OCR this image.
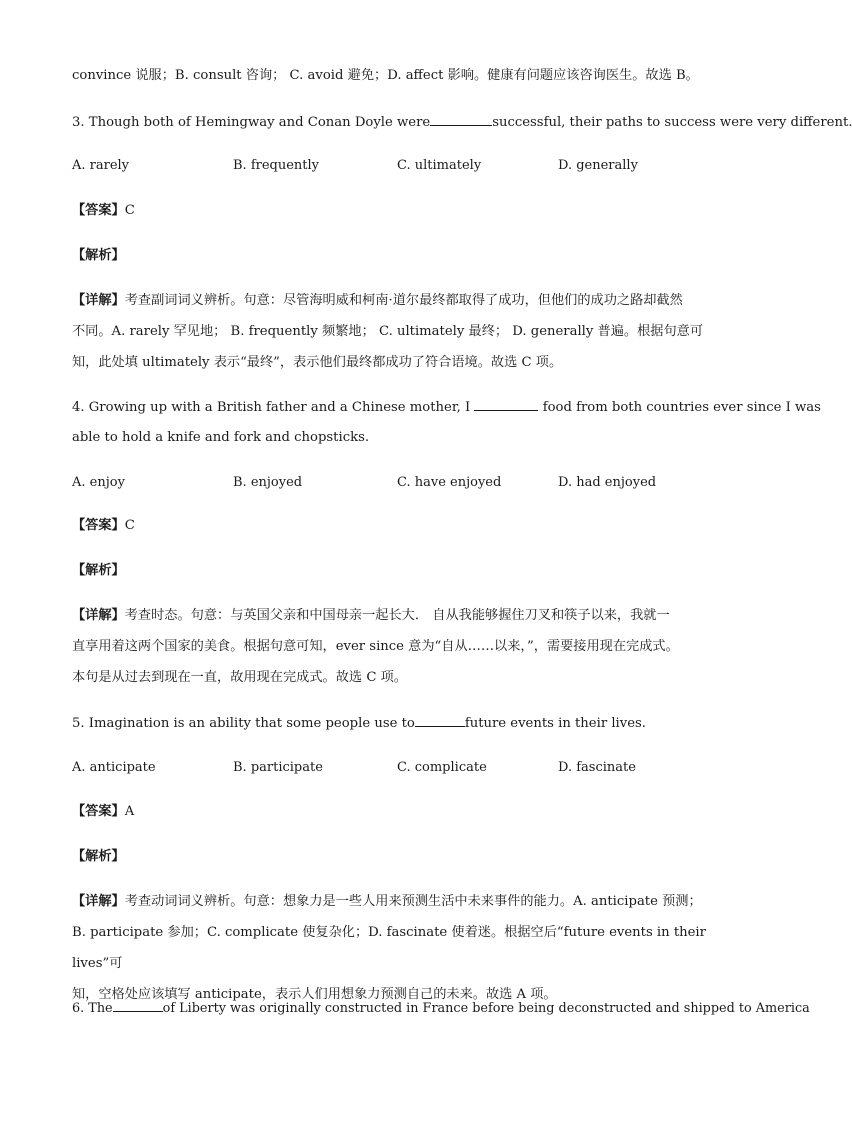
convince 说服；B. consult 咨询； C. avoid 避免；D. affect 影响。健康有问题应该咨询医生。故选 B。
3. Though both of Hemingway and Conan Doyle were	successful, their paths to success were very different.
A. rarely	B. frequently	C. ultimately	D. generally
【答案】C
【解析】
【详解】考查副词词义辨析。句意：尽管海明威和柯南·道尔最终都取得了成功，但他们的成功之路却截然
不同。A. rarely 罕见地； B. frequently 频繁地； C. ultimately 最终； D. generally 普遍。根据句意可
知，此处填 ultimately 表示“最终”，表示他们最终都成功了符合语境。故选 C 项。
4. Growing up with a British father and a Chinese mother, I	food from both countries ever since I was
able to hold a knife and fork and chopsticks.
A. enjoy	B. enjoyed	C. have enjoyed	D. had enjoyed
【答案】C
【解析】
【详解】考查时态。句意：与英国父亲和中国母亲一起长大． 自从我能够握住刀叉和筷子以来，我就一
直享用着这两个国家的美食。根据句意可知，ever since 意为“自从……以来，”，需要接用现在完成式。
本句是从过去到现在一直，故用现在完成式。故选 C 项。
5. Imagination is an ability that some people use to	future events in their lives.
A. anticipate	B. participate	C. complicate	D. fascinate
【答案】A
【解析】
【详解】考查动词词义辨析。句意：想象力是一些人用来预测生活中未来事件的能力。A. anticipate 预测；
B. participate 参加；C. complicate 使复杂化；D. fascinate 使着迷。根据空后“future events in their lives”可
知，空格处应该填写 anticipate，表示人们用想象力预测自己的未来。故选 A 项。
6. The	of Liberty was originally constructed in France before being deconstructed and shipped to America
